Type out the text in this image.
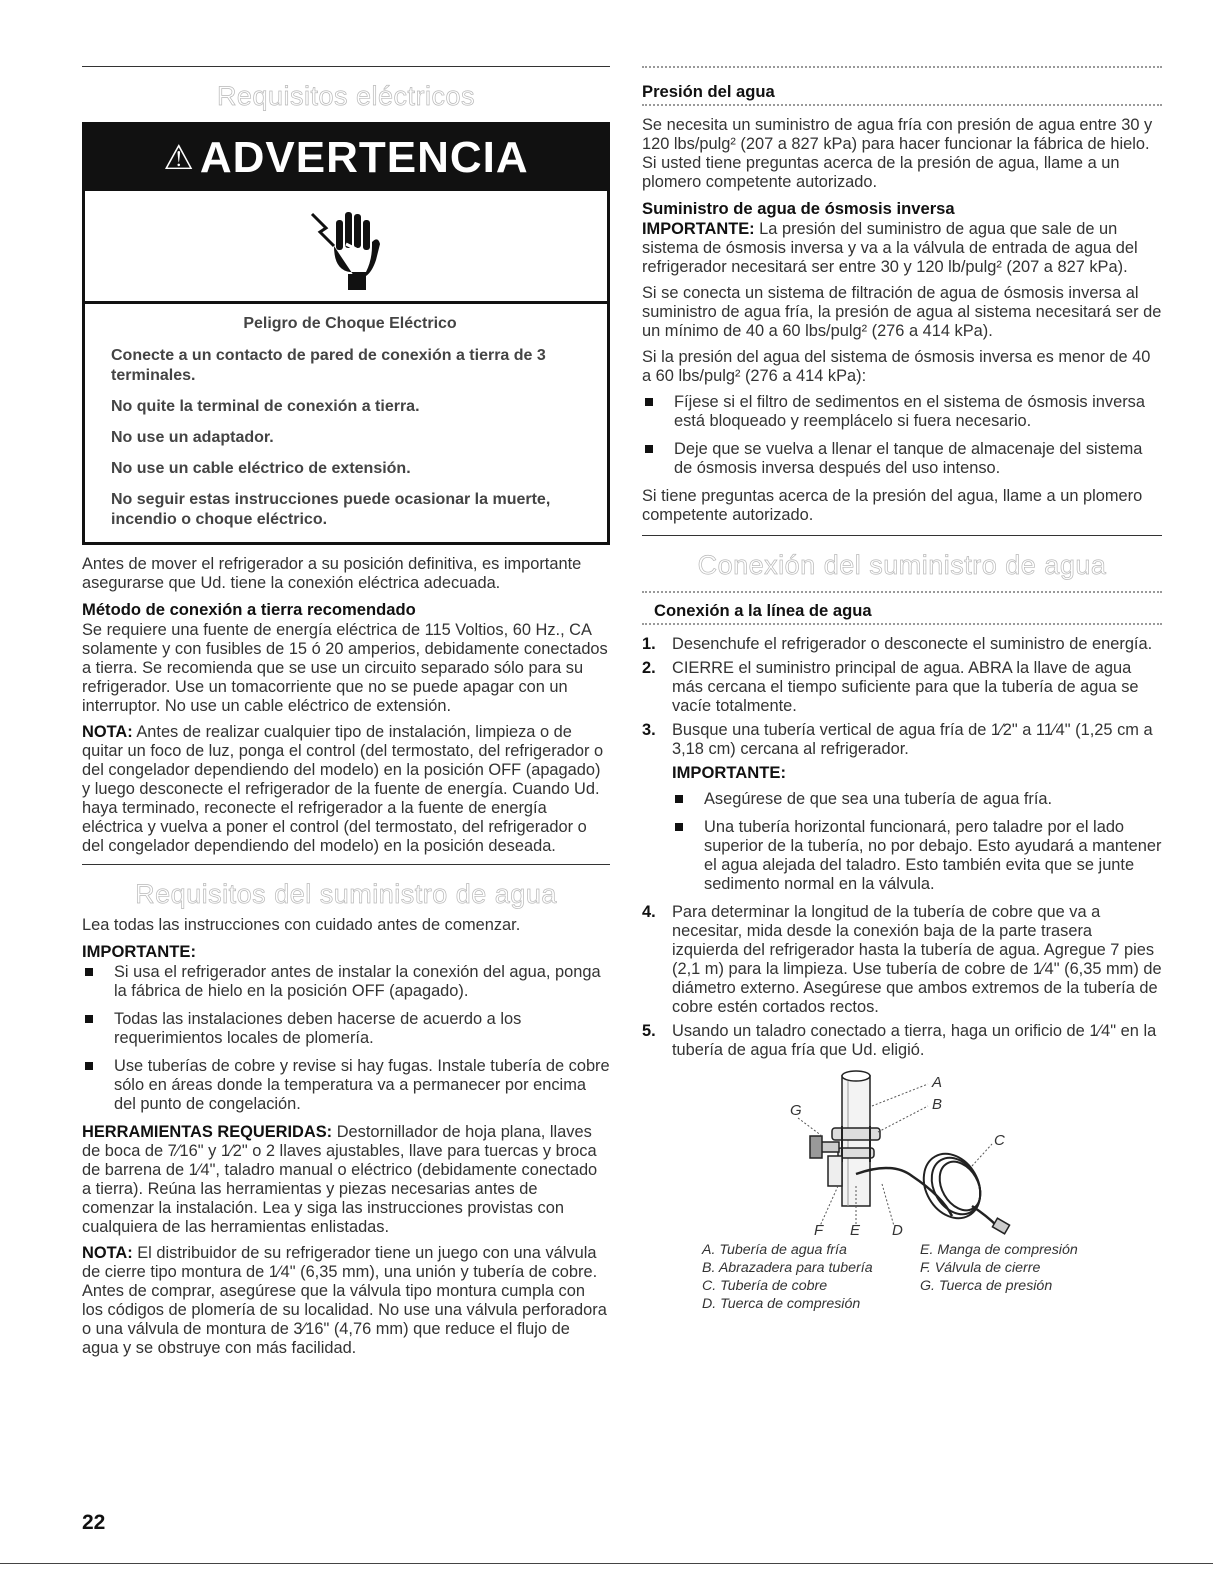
Requisitos eléctricos
⚠ ADVERTENCIA

Peligro de Choque Eléctrico

Conecte a un contacto de pared de conexión a tierra de 3 terminales.

No quite la terminal de conexión a tierra.

No use un adaptador.

No use un cable eléctrico de extensión.

No seguir estas instrucciones puede ocasionar la muerte, incendio o choque eléctrico.

Antes de mover el refrigerador a su posición definitiva, es importante asegurarse que Ud. tiene la conexión eléctrica adecuada.

Método de conexión a tierra recomendado

Se requiere una fuente de energía eléctrica de 115 Voltios, 60 Hz., CA solamente y con fusibles de 15 ó 20 amperios, debidamente conectados a tierra. Se recomienda que se use un circuito separado sólo para su refrigerador. Use un tomacorriente que no se puede apagar con un interruptor. No use un cable eléctrico de extensión.

NOTA: Antes de realizar cualquier tipo de instalación, limpieza o de quitar un foco de luz, ponga el control (del termostato, del refrigerador o del congelador dependiendo del modelo) en la posición OFF (apagado) y luego desconecte el refrigerador de la fuente de energía. Cuando Ud. haya terminado, reconecte el refrigerador a la fuente de energía eléctrica y vuelva a poner el control (del termostato, del refrigerador o del congelador dependiendo del modelo) en la posición deseada.

Requisitos del suministro de agua

Lea todas las instrucciones con cuidado antes de comenzar.

IMPORTANTE:
Si usa el refrigerador antes de instalar la conexión del agua, ponga la fábrica de hielo en la posición OFF (apagado).
Todas las instalaciones deben hacerse de acuerdo a los requerimientos locales de plomería.
Use tuberías de cobre y revise si hay fugas. Instale tubería de cobre sólo en áreas donde la temperatura va a permanecer por encima del punto de congelación.

HERRAMIENTAS REQUERIDAS: Destornillador de hoja plana, llaves de boca de 7⁄16" y 1⁄2" o 2 llaves ajustables, llave para tuercas y broca de barrena de 1⁄4", taladro manual o eléctrico (debidamente conectado a tierra). Reúna las herramientas y piezas necesarias antes de comenzar la instalación. Lea y siga las instrucciones provistas con cualquiera de las herramientas enlistadas.

NOTA: El distribuidor de su refrigerador tiene un juego con una válvula de cierre tipo montura de 1⁄4" (6,35 mm), una unión y tubería de cobre. Antes de comprar, asegúrese que la válvula tipo montura cumpla con los códigos de plomería de su localidad. No use una válvula perforadora o una válvula de montura de 3⁄16" (4,76 mm) que reduce el flujo de agua y se obstruye con más facilidad.

Presión del agua

Se necesita un suministro de agua fría con presión de agua entre 30 y 120 lbs/pulg² (207 a 827 kPa) para hacer funcionar la fábrica de hielo. Si usted tiene preguntas acerca de la presión de agua, llame a un plomero competente autorizado.

Suministro de agua de ósmosis inversa

IMPORTANTE: La presión del suministro de agua que sale de un sistema de ósmosis inversa y va a la válvula de entrada de agua del refrigerador necesitará ser entre 30 y 120 lb/pulg² (207 a 827 kPa).

Si se conecta un sistema de filtración de agua de ósmosis inversa al suministro de agua fría, la presión de agua al sistema necesitará ser de un mínimo de 40 a 60 lbs/pulg² (276 a 414 kPa).

Si la presión del agua del sistema de ósmosis inversa es menor de 40 a 60 lbs/pulg² (276 a 414 kPa):

Fíjese si el filtro de sedimentos en el sistema de ósmosis inversa está bloqueado y reemplácelo si fuera necesario.
Deje que se vuelva a llenar el tanque de almacenaje del sistema de ósmosis inversa después del uso intenso.

Si tiene preguntas acerca de la presión del agua, llame a un plomero competente autorizado.

Conexión del suministro de agua
Conexión a la línea de agua
1. Desenchufe el refrigerador o desconecte el suministro de energía.
2. CIERRE el suministro principal de agua. ABRA la llave de agua más cercana el tiempo suficiente para que la tubería de agua se vacíe totalmente.
3. Busque una tubería vertical de agua fría de 1⁄2" a 11⁄4" (1,25 cm a 3,18 cm) cercana al refrigerador.
IMPORTANTE:
Asegúrese de que sea una tubería de agua fría.
Una tubería horizontal funcionará, pero taladre por el lado superior de la tubería, no por debajo. Esto ayudará a mantener el agua alejada del taladro. Esto también evita que se junte sedimento normal en la válvula.
4. Para determinar la longitud de la tubería de cobre que va a necesitar, mida desde la conexión baja de la parte trasera izquierda del refrigerador hasta la tubería de agua. Agregue 7 pies (2,1 m) para la limpieza. Use tubería de cobre de 1⁄4" (6,35 mm) de diámetro externo. Asegúrese que ambos extremos de la tubería de cobre estén cortados rectos.
5. Usando un taladro conectado a tierra, haga un orificio de 1⁄4" en la tubería de agua fría que Ud. eligió.
A
B
C
G
F E D
A. Tubería de agua fría
B. Abrazadera para tubería
C. Tubería de cobre
D. Tuerca de compresión
E. Manga de compresión
F. Válvula de cierre
G. Tuerca de presión
22
